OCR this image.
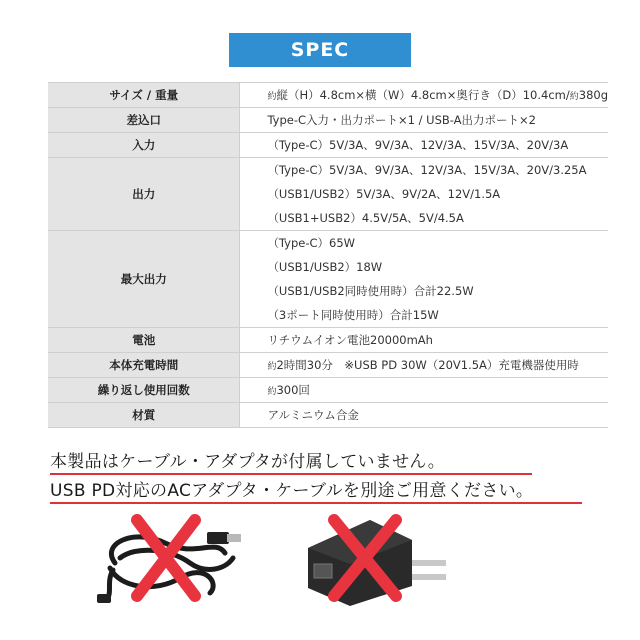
SPEC
サイズ / 重量	約縦（H）4.8cm×横（W）4.8cm×奥行き（D）10.4cm/約380g

差込口	Type-C入力・出力ポート×1 / USB-A出力ポート×2

入力	（Type-C）5V/3A、9V/3A、12V/3A、15V/3A、20V/3A

出力	（Type-C）5V/3A、9V/3A、12V/3A、15V/3A、20V/3.25A
（USB1/USB2）5V/3A、9V/2A、12V/1.5A
（USB1+USB2）4.5V/5A、5V/4.5A

最大出力	（Type-C）65W
（USB1/USB2）18W
（USB1/USB2同時使用時）合計22.5W
（3ポート同時使用時）合計15W

電池	リチウムイオン電池20000mAh

本体充電時間	約2時間30分　※USB PD 30W（20V1.5A）充電機器使用時

繰り返し使用回数	約300回

材質	アルミニウム合金
本製品はケーブル・アダプタが付属していません。
USB PD対応のACアダプタ・ケーブルを別途ご用意ください。
